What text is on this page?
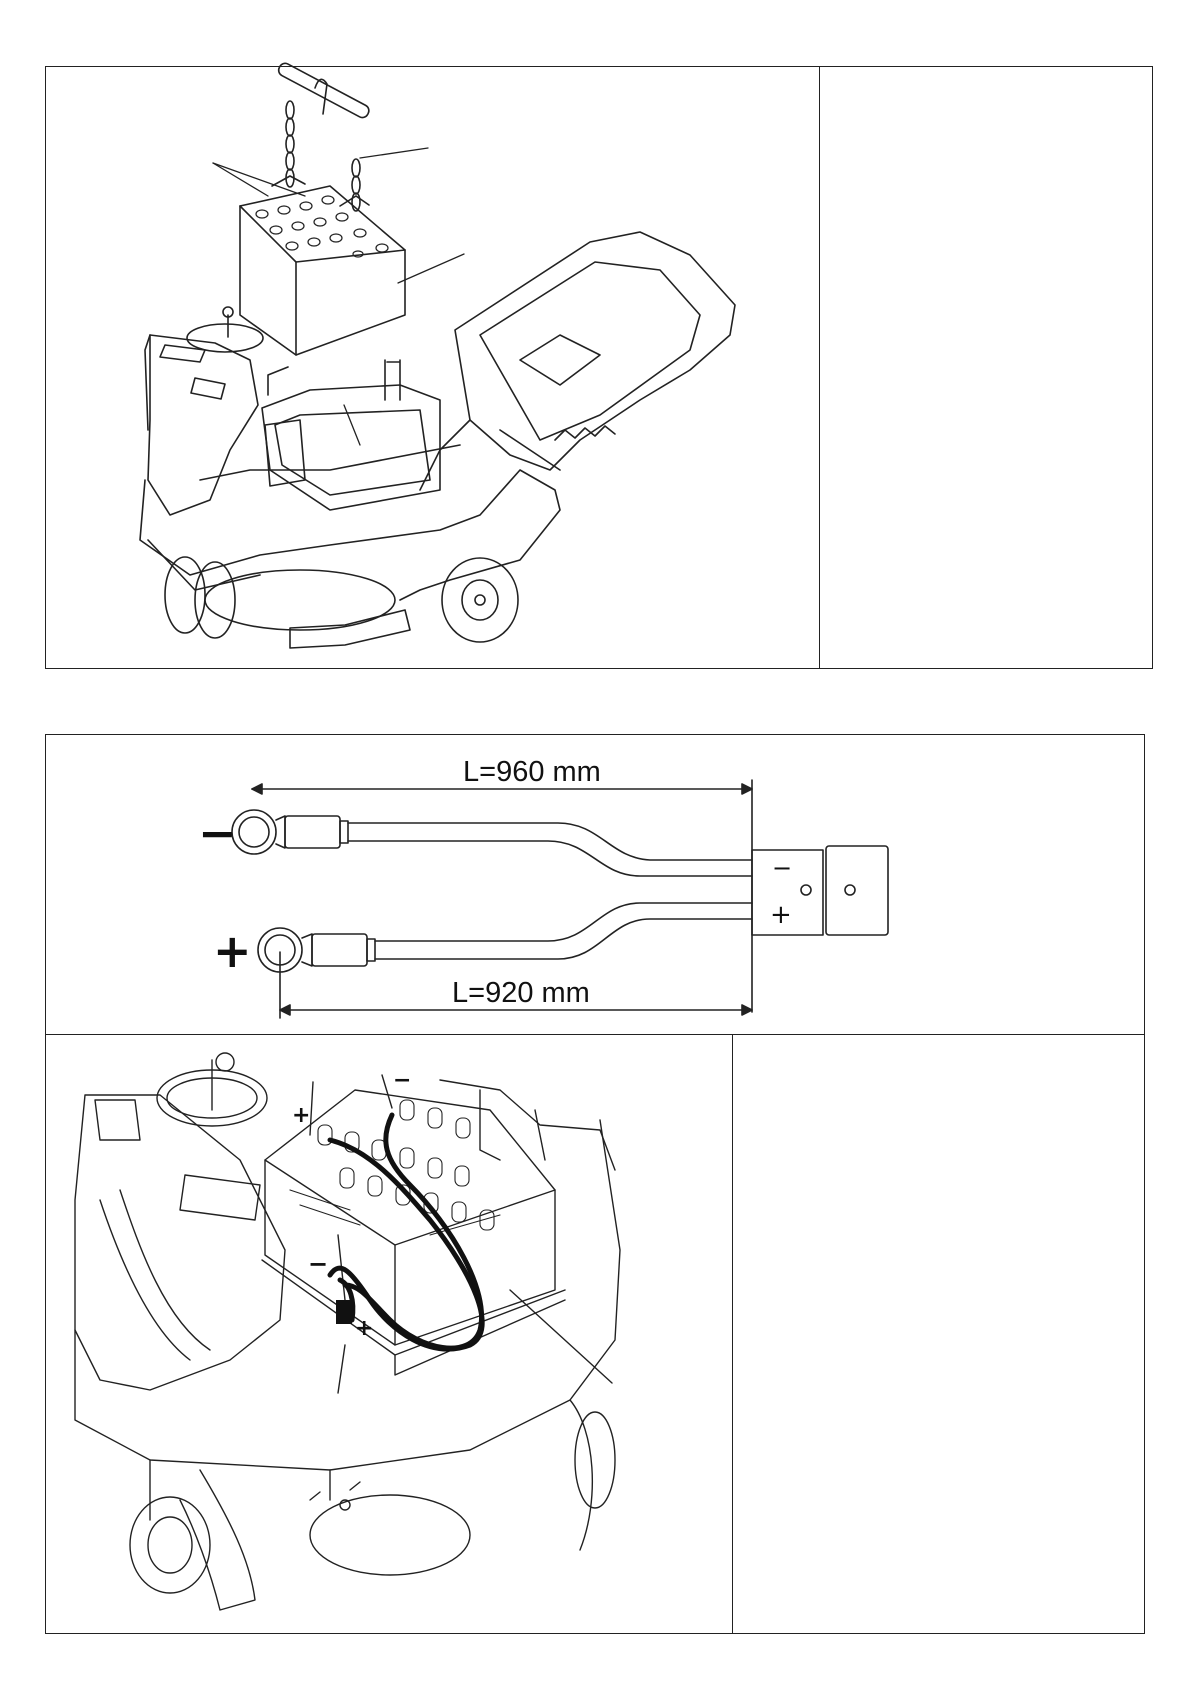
L=960 mm
L=920 mm
−
+
−
+
+
−
−
+
